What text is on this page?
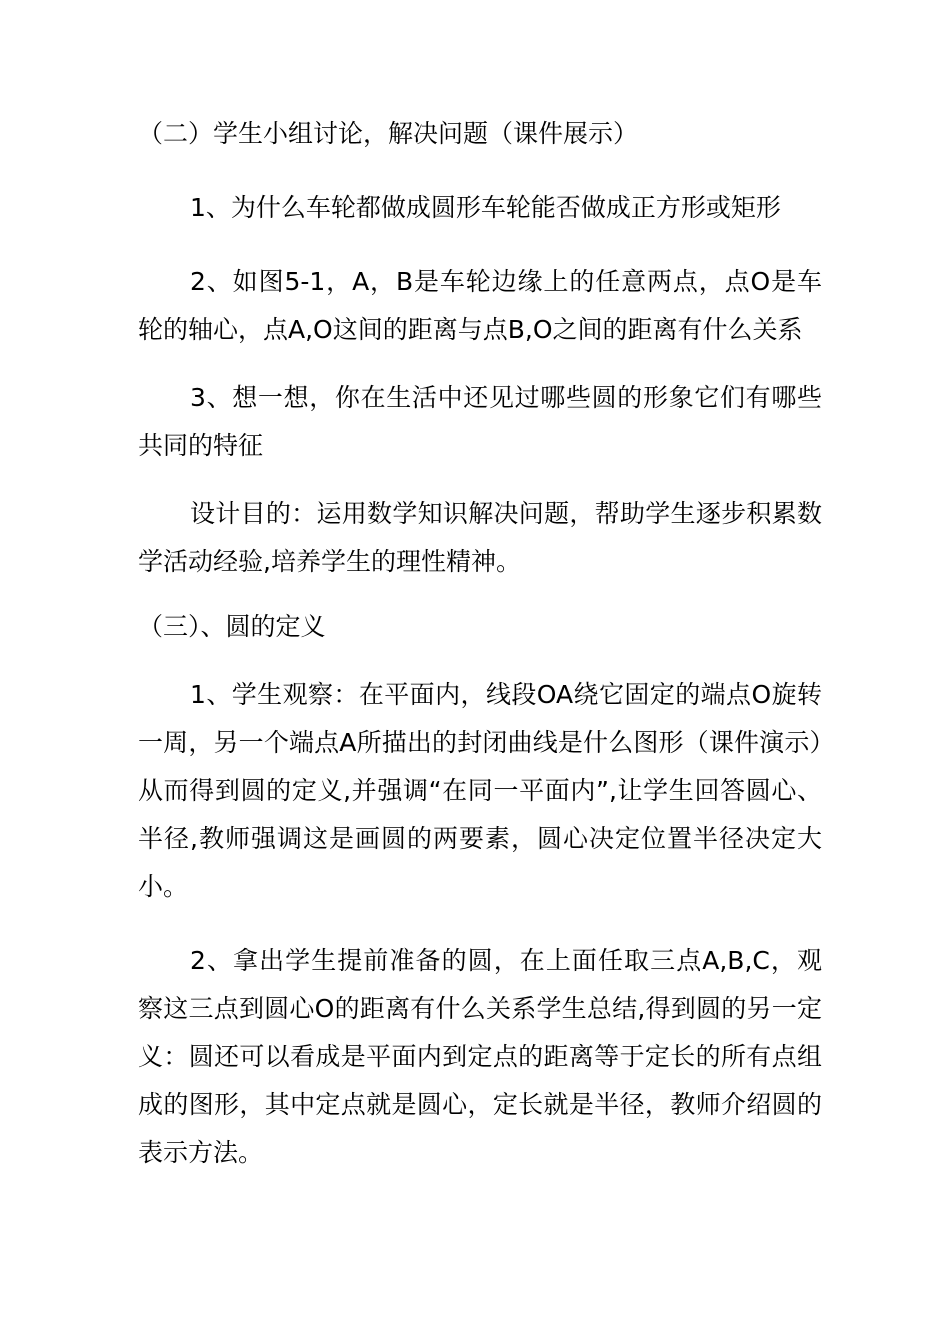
（二）学生小组讨论，解决问题（课件展示）

1、为什么车轮都做成圆形车轮能否做成正方形或矩形

2、如图5-1，A，B是车轮边缘上的任意两点，点O是车轮的轴心，点A,O这间的距离与点B,O之间的距离有什么关系

3、想一想，你在生活中还见过哪些圆的形象它们有哪些共同的特征

设计目的：运用数学知识解决问题，帮助学生逐步积累数学活动经验,培养学生的理性精神。

（三）、圆的定义

1、学生观察：在平面内，线段OA绕它固定的端点O旋转一周，另一个端点A所描出的封闭曲线是什么图形（课件演示）从而得到圆的定义,并强调“在同一平面内”,让学生回答圆心、半径,教师强调这是画圆的两要素，圆心决定位置半径决定大小。

2、拿出学生提前准备的圆，在上面任取三点A,B,C，观察这三点到圆心O的距离有什么关系学生总结,得到圆的另一定义：圆还可以看成是平面内到定点的距离等于定长的所有点组成的图形，其中定点就是圆心，定长就是半径，教师介绍圆的表示方法。
